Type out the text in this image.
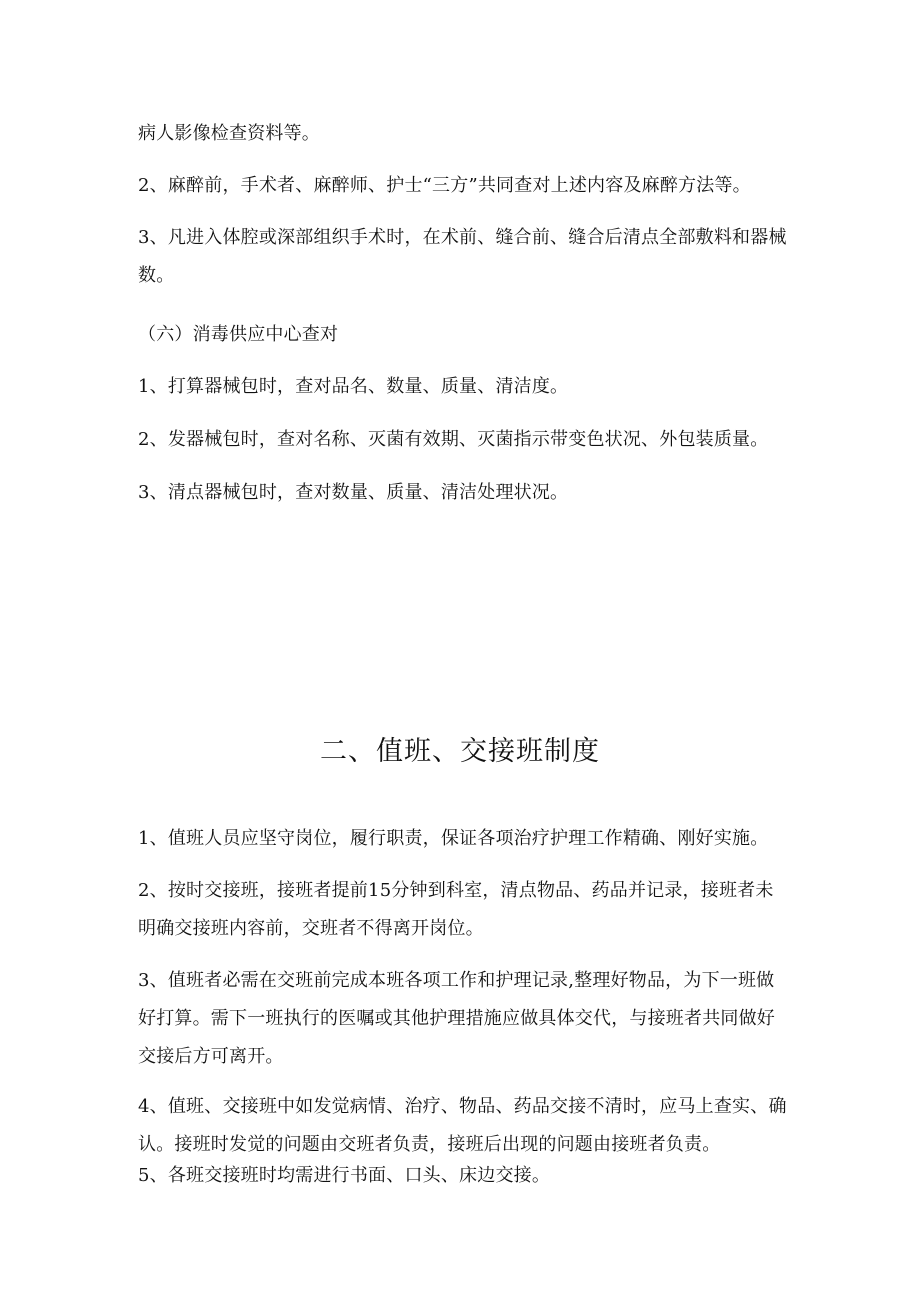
病人影像检查资料等。
2、麻醉前，手术者、麻醉师、护士“三方”共同查对上述内容及麻醉方法等。
3、凡进入体腔或深部组织手术时，在术前、缝合前、缝合后清点全部敷料和器械数。
（六）消毒供应中心查对
1、打算器械包时，查对品名、数量、质量、清洁度。
2、发器械包时，查对名称、灭菌有效期、灭菌指示带变色状况、外包装质量。
3、清点器械包时，查对数量、质量、清洁处理状况。
二、值班、交接班制度
1、值班人员应坚守岗位，履行职责，保证各项治疗护理工作精确、刚好实施。
2、按时交接班，接班者提前15分钟到科室，清点物品、药品并记录，接班者未明确交接班内容前，交班者不得离开岗位。
3、值班者必需在交班前完成本班各项工作和护理记录,整理好物品，为下一班做好打算。需下一班执行的医嘱或其他护理措施应做具体交代，与接班者共同做好交接后方可离开。
4、值班、交接班中如发觉病情、治疗、物品、药品交接不清时，应马上查实、确认。接班时发觉的问题由交班者负责，接班后出现的问题由接班者负责。
5、各班交接班时均需进行书面、口头、床边交接。
